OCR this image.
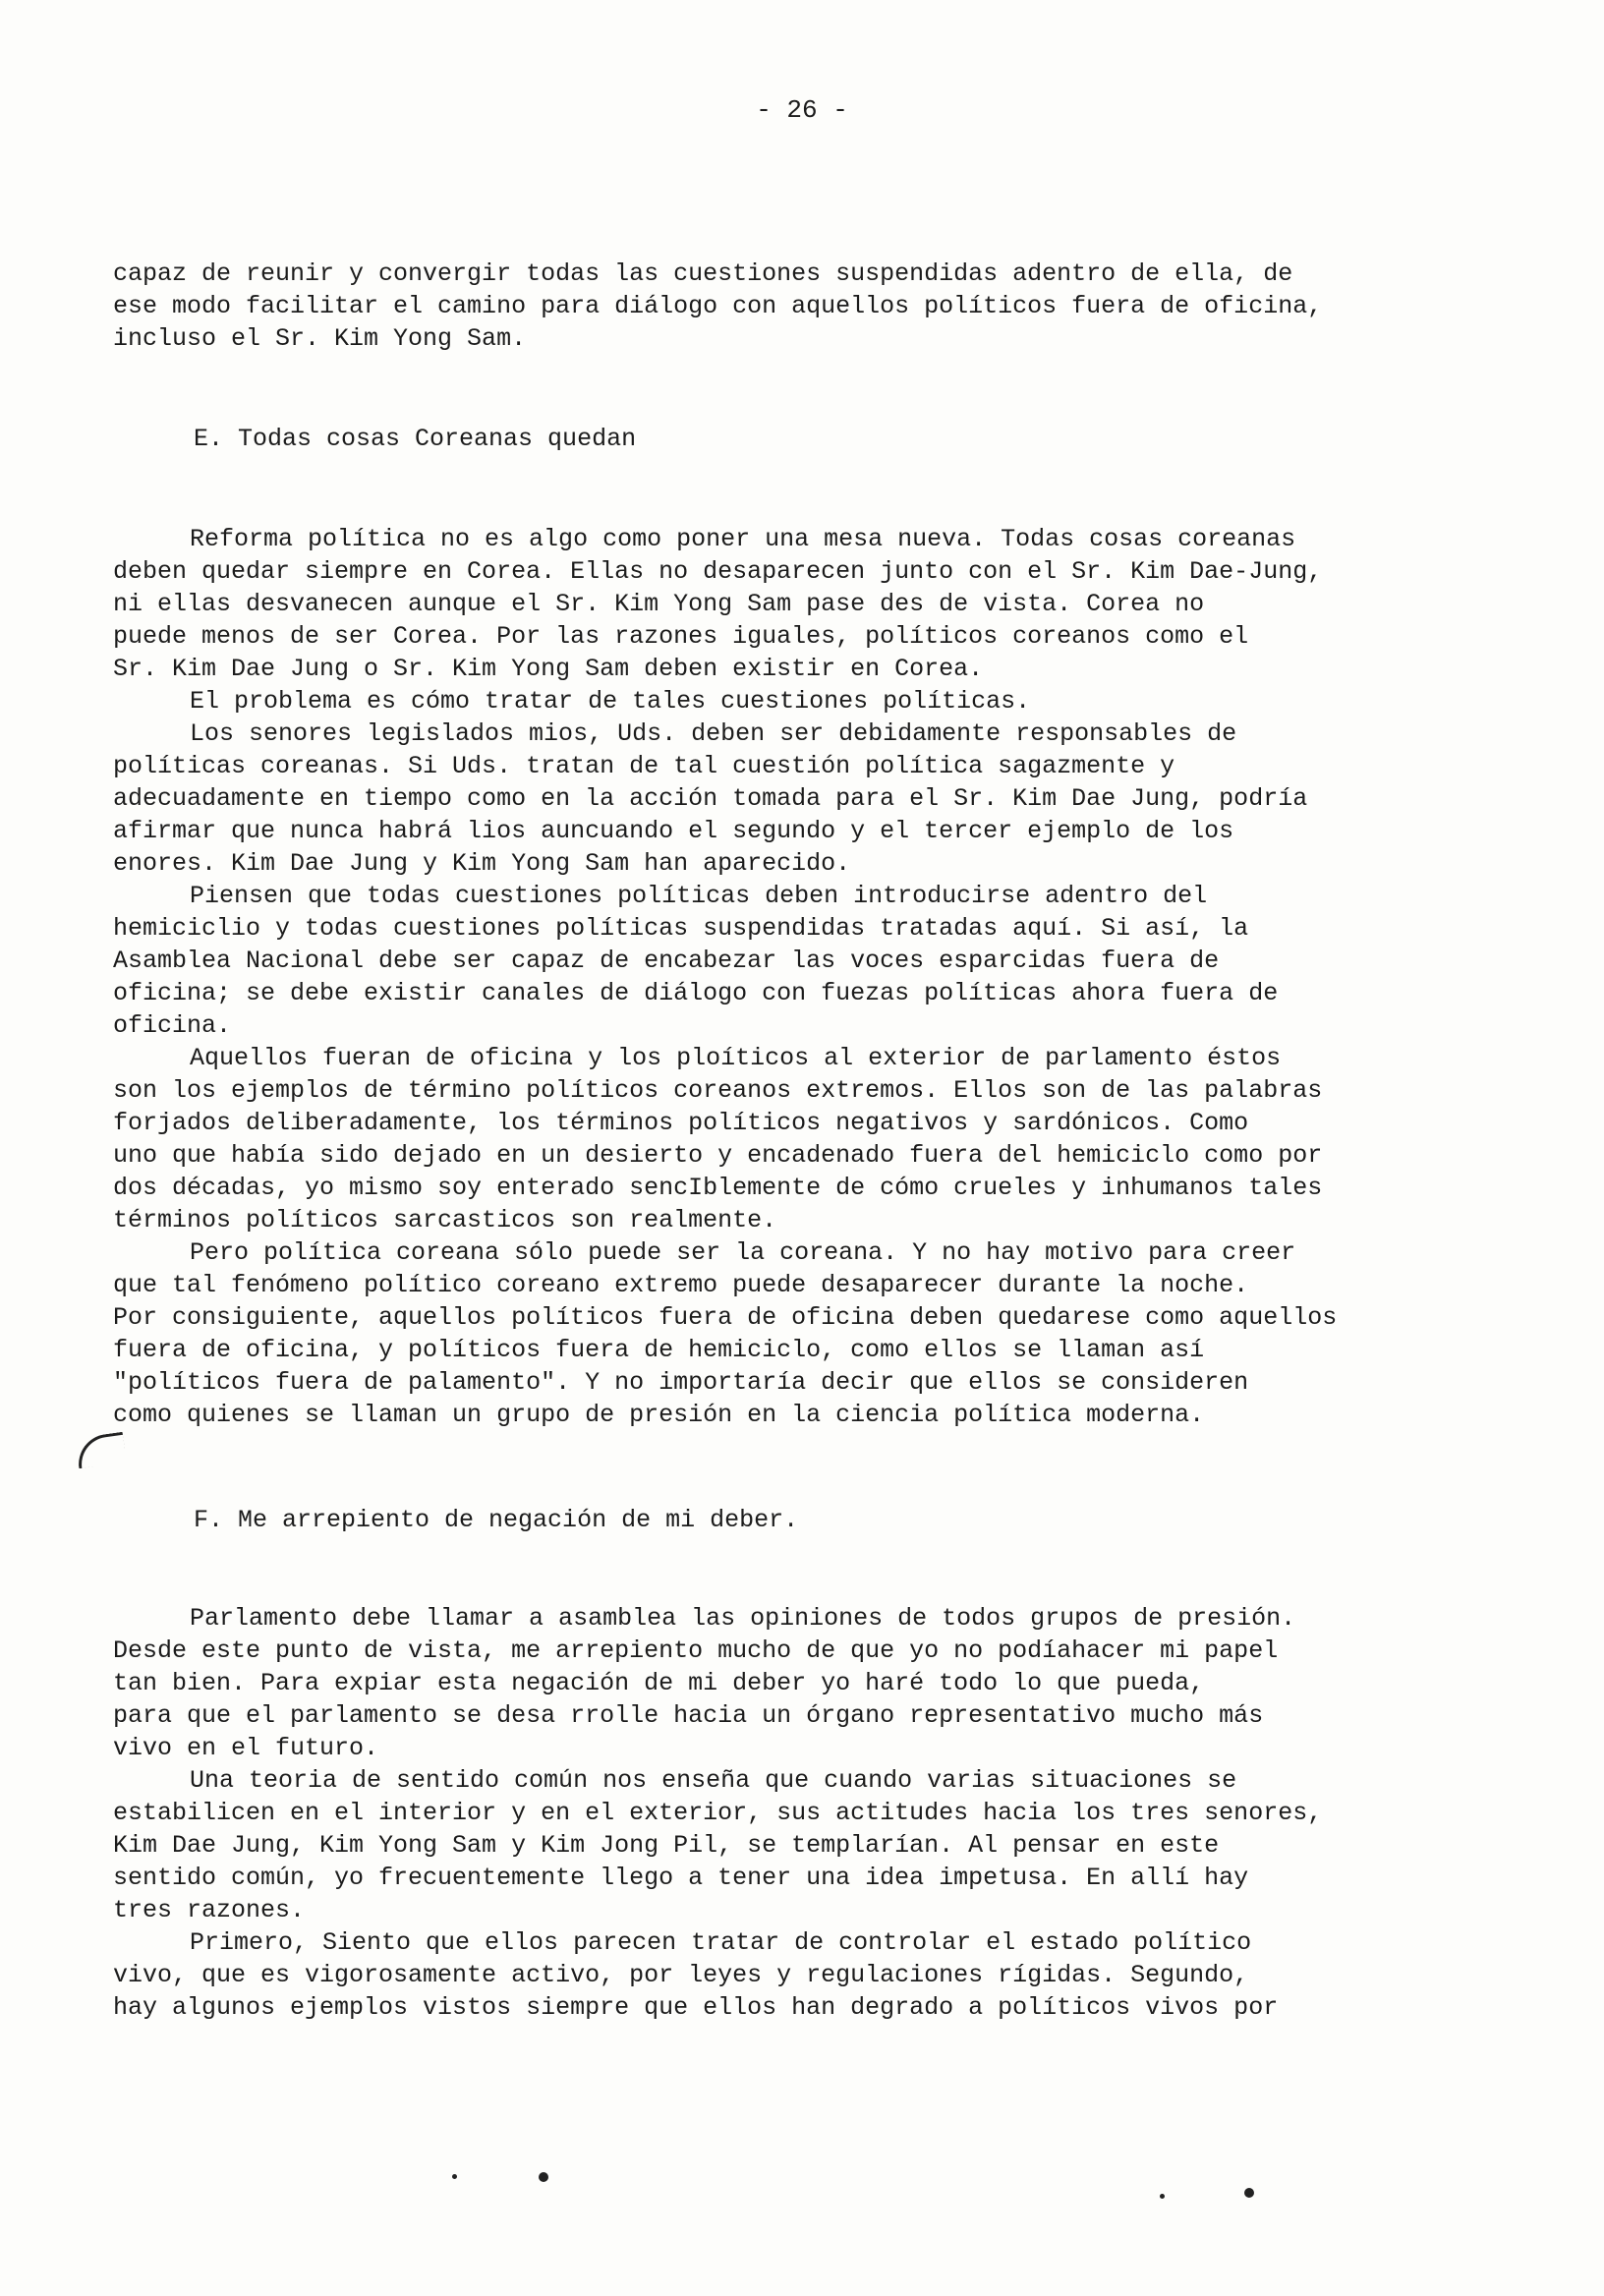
- 26 -

capaz de reunir y convergir todas las cuestiones suspendidas adentro de ella, de

ese modo facilitar el camino para diálogo con aquellos políticos fuera de oficina,

incluso el Sr. Kim Yong Sam.

E. Todas cosas Coreanas quedan

Reforma política no es algo como poner una mesa nueva. Todas cosas coreanas

deben quedar siempre en Corea. Ellas no desaparecen junto con el Sr. Kim Dae-Jung,

ni ellas desvanecen aunque el Sr. Kim Yong Sam pase des de vista. Corea no

puede menos de ser Corea. Por las razones iguales, políticos coreanos como el

Sr. Kim Dae Jung o Sr. Kim Yong Sam deben existir en Corea.

El problema es cómo tratar de tales cuestiones políticas.

Los senores legislados mios, Uds. deben ser debidamente responsables de

políticas coreanas. Si Uds. tratan de tal cuestión política sagazmente y

adecuadamente en tiempo como en la acción tomada para el Sr. Kim Dae Jung, podría

afirmar que nunca habrá lios auncuando el segundo y el tercer ejemplo de los

enores. Kim Dae Jung y Kim Yong Sam han aparecido.

Piensen que todas cuestiones políticas deben introducirse adentro del

hemiciclio y todas cuestiones políticas suspendidas tratadas aquí. Si así, la

Asamblea Nacional debe ser capaz de encabezar las voces esparcidas fuera de

oficina; se debe existir canales de diálogo con fuezas políticas ahora fuera de

oficina.

Aquellos fueran de oficina y los ploíticos al exterior de parlamento éstos

son los ejemplos de término políticos coreanos extremos. Ellos son de las palabras

forjados deliberadamente, los términos políticos negativos y sardónicos. Como

uno que había sido dejado en un desierto y encadenado fuera del hemiciclo como por

dos décadas, yo mismo soy enterado sencIblemente de cómo crueles y inhumanos tales

términos políticos sarcasticos son realmente.

Pero política coreana sólo puede ser la coreana. Y no hay motivo para creer

que tal fenómeno político coreano extremo puede desaparecer durante la noche.

Por consiguiente, aquellos políticos fuera de oficina deben quedarese como aquellos

fuera de oficina, y políticos fuera de hemiciclo, como ellos se llaman así

"políticos fuera de palamento". Y no importaría decir que ellos se consideren

como quienes se llaman un grupo de presión en la ciencia política moderna.

F. Me arrepiento de negación de mi deber.

Parlamento debe llamar a asamblea las opiniones de todos grupos de presión.

Desde este punto de vista, me arrepiento mucho de que yo no podíahacer mi papel

tan bien. Para expiar esta negación de mi deber yo haré todo lo que pueda,

para que el parlamento se desa rrolle hacia un órgano representativo mucho más

vivo en el futuro.

Una teoria de sentido común nos enseña que cuando varias situaciones se

estabilicen en el interior y en el exterior, sus actitudes hacia los tres senores,

Kim Dae Jung, Kim Yong Sam y Kim Jong Pil, se templarían. Al pensar en este

sentido común, yo frecuentemente llego a tener una idea impetusa. En allí hay

tres razones.

Primero, Siento que ellos parecen tratar de controlar el estado político

vivo, que es vigorosamente activo, por leyes y regulaciones rígidas. Segundo,

hay algunos ejemplos vistos siempre que ellos han degrado a políticos vivos por
